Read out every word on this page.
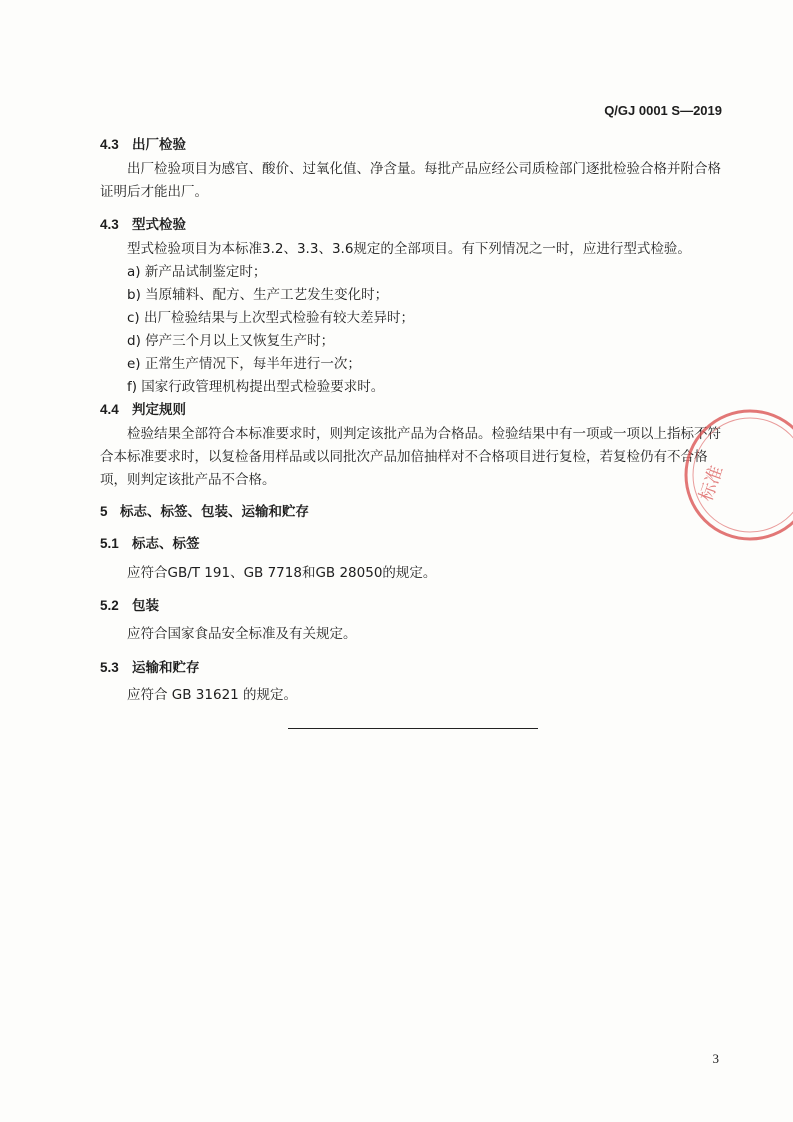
Q/GJ 0001 S—2019
4.3 出厂检验
出厂检验项目为感官、酸价、过氧化值、净含量。每批产品应经公司质检部门逐批检验合格并附合格证明后才能出厂。
4.3 型式检验
型式检验项目为本标准3.2、3.3、3.6规定的全部项目。有下列情况之一时，应进行型式检验。
a) 新产品试制鉴定时；
b) 当原辅料、配方、生产工艺发生变化时；
c) 出厂检验结果与上次型式检验有较大差异时；
d) 停产三个月以上又恢复生产时；
e) 正常生产情况下，每半年进行一次；
f) 国家行政管理机构提出型式检验要求时。
4.4 判定规则
检验结果全部符合本标准要求时，则判定该批产品为合格品。检验结果中有一项或一项以上指标不符合本标准要求时，以复检备用样品或以同批次产品加倍抽样对不合格项目进行复检，若复检仍有不合格项，则判定该批产品不合格。
5 标志、标签、包装、运输和贮存
5.1 标志、标签
应符合GB/T 191、GB 7718和GB 28050的规定。
5.2 包装
应符合国家食品安全标准及有关规定。
5.3 运输和贮存
应符合 GB 31621 的规定。
标准
3
